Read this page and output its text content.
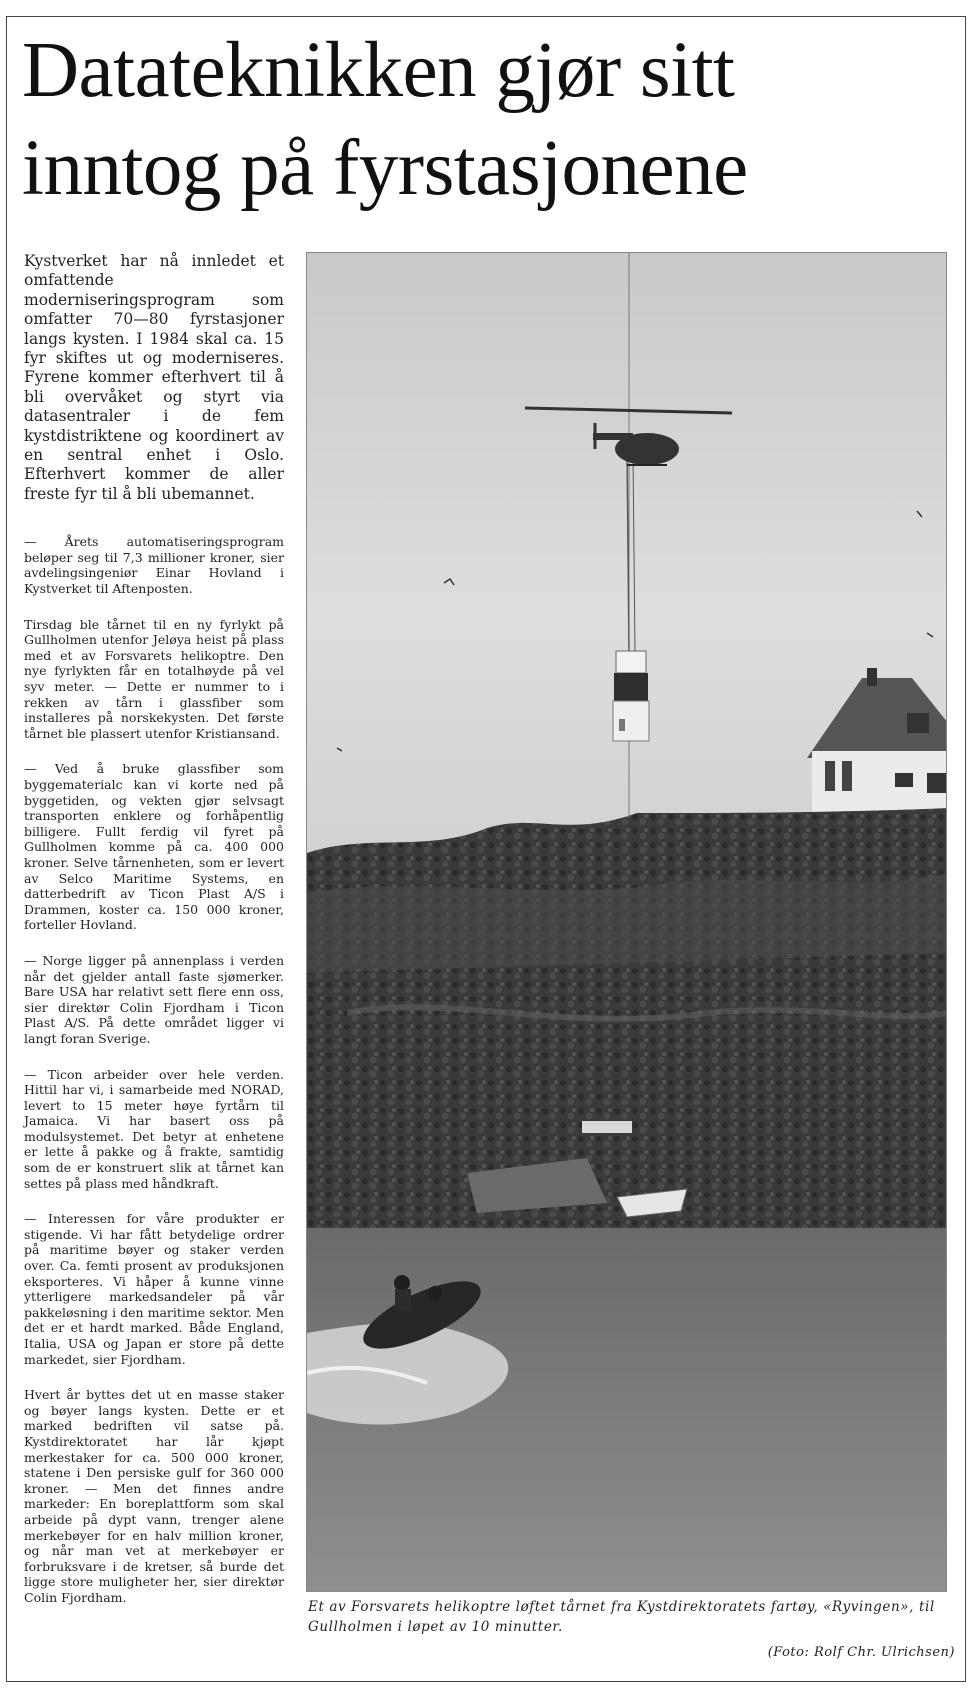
Datateknikken gjør sitt inntog på fyrstasjonene

Kystverket har nå innledet et omfattende moderniseringsprogram som omfatter 70—80 fyrstasjoner langs kysten. I 1984 skal ca. 15 fyr skiftes ut og moderniseres. Fyrene kommer efterhvert til å bli overvåket og styrt via datasentraler i de fem kystdistriktene og koordinert av en sentral enhet i Oslo. Efterhvert kommer de aller freste fyr til å bli ubemannet.

— Årets automatiseringsprogram beløper seg til 7,3 millioner kroner, sier avdelingsingeniør Einar Hovland i Kystverket til Aftenposten.

Tirsdag ble tårnet til en ny fyrlykt på Gullholmen utenfor Jeløya heist på plass med et av Forsvarets helikoptre. Den nye fyrlykten får en totalhøyde på vel syv meter. — Dette er nummer to i rekken av tårn i glassfiber som installeres på norskekysten. Det første tårnet ble plassert utenfor Kristiansand.

— Ved å bruke glassfiber som byggematerialc kan vi korte ned på byggetiden, og vekten gjør selvsagt transporten enklere og forhåpentlig billigere. Fullt ferdig vil fyret på Gullholmen komme på ca. 400 000 kroner. Selve tårnenheten, som er levert av Selco Maritime Systems, en datterbedrift av Ticon Plast A/S i Drammen, koster ca. 150 000 kroner, forteller Hovland.

— Norge ligger på annenplass i verden når det gjelder antall faste sjømerker. Bare USA har relativt sett flere enn oss, sier direktør Colin Fjordham i Ticon Plast A/S. På dette området ligger vi langt foran Sverige.

— Ticon arbeider over hele verden. Hittil har vi, i samarbeide med NORAD, levert to 15 meter høye fyrtårn til Jamaica. Vi har basert oss på modulsystemet. Det betyr at enhetene er lette å pakke og å frakte, samtidig som de er konstruert slik at tårnet kan settes på plass med håndkraft.

— Interessen for våre produkter er stigende. Vi har fått betydelige ordrer på maritime bøyer og staker verden over. Ca. femti prosent av produksjonen eksporteres. Vi håper å kunne vinne ytterligere markedsandeler på vår pakkeløsning i den maritime sektor. Men det er et hardt marked. Både England, Italia, USA og Japan er store på dette markedet, sier Fjordham.

Hvert år byttes det ut en masse staker og bøyer langs kysten. Dette er et marked bedriften vil satse på. Kystdirektoratet har lår kjøpt merkestaker for ca. 500 000 kroner, statene i Den persiske gulf for 360 000 kroner. — Men det finnes andre markeder: En boreplattform som skal arbeide på dypt vann, trenger alene merkebøyer for en halv million kroner, og når man vet at merkebøyer er forbruksvare i de kretser, så burde det ligge store muligheter her, sier direktør Colin Fjordham.

Et av Forsvarets helikoptre løftet tårnet fra Kystdirektoratets fartøy, «Ryvingen», til Gullholmen i løpet av 10 minutter.

(Foto: Rolf Chr. Ulrichsen)
